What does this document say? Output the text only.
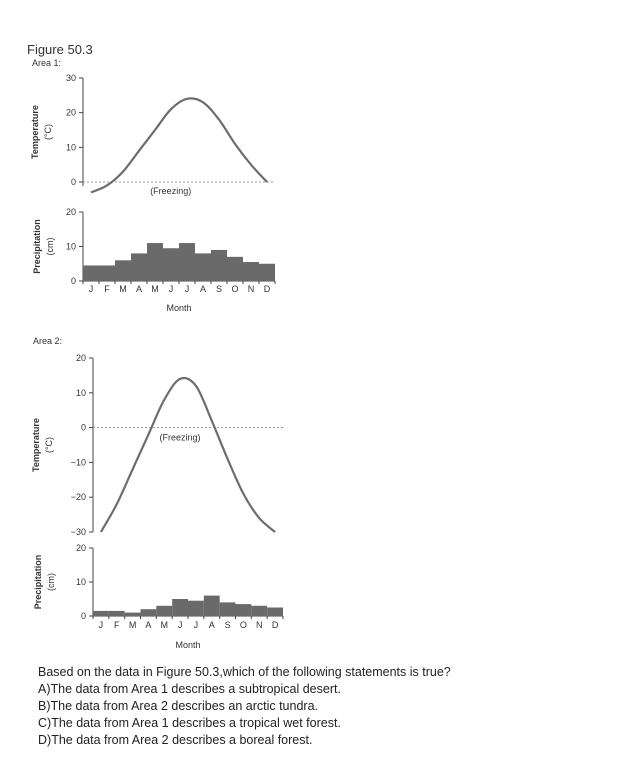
Figure 50.3
Area 1:
0
10
20
30
Temperature (°C)
(Freezing)
0
10
20
Precipitation (cm)
J F M A M J J A S O N D
Month
Area 2:
−30
−20
−10
0
10
20
Temperature (°C)	(Freezing)
0
10
20
Precipitation (cm)
J F M A M J J A S O N D
Month
Based on the data in Figure 50.3,which of the following statements is true?
A)The data from Area 1 describes a subtropical desert.
B)The data from Area 2 describes an arctic tundra.
C)The data from Area 1 describes a tropical wet forest.
D)The data from Area 2 describes a boreal forest.
